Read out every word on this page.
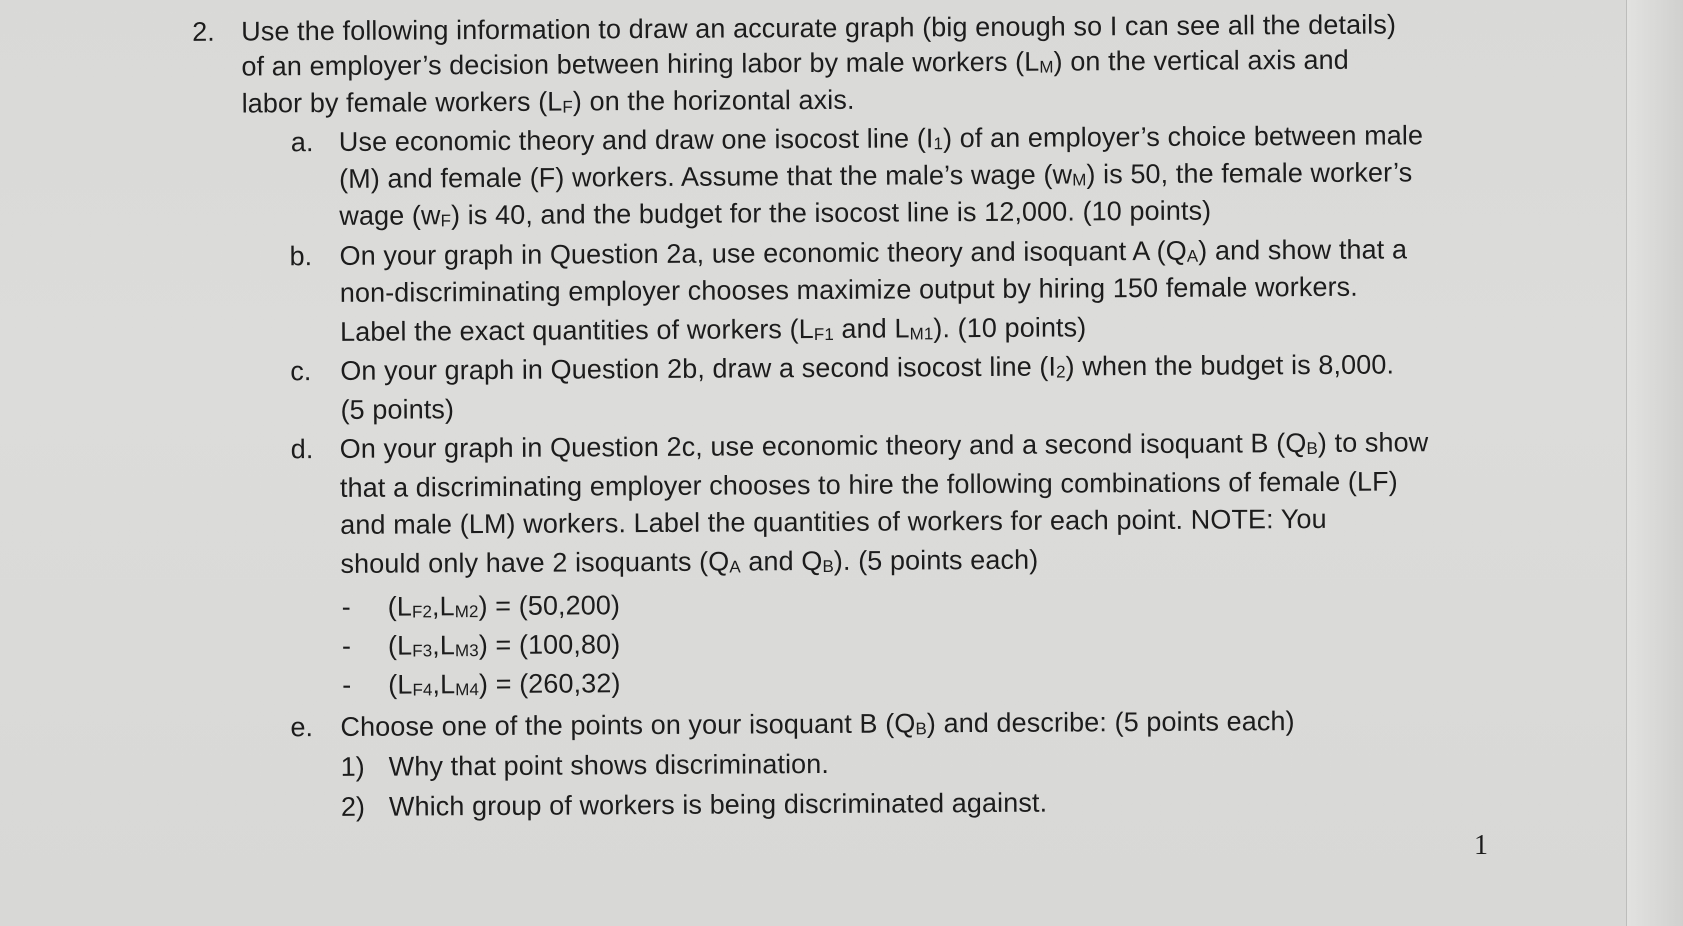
2. Use the following information to draw an accurate graph (big enough so I can see all the details)
of an employer’s decision between hiring labor by male workers $(L_M)$ on the vertical axis and
labor by female workers $(L_F)$ on the horizontal axis.
a. Use economic theory and draw one isocost line $(I_1)$ of an employer’s choice between male
(M) and female (F) workers. Assume that the male’s wage $(w_M)$ is 50, the female worker’s
wage $(w_F)$ is 40, and the budget for the isocost line is 12,000. (10 points)
b. On your graph in Question 2a, use economic theory and isoquant A $(Q_A)$ and show that a
non-discriminating employer chooses maximize output by hiring 150 female workers.
Label the exact quantities of workers ($L_{F1}$ and $L_{M1}$). (10 points)
c. On your graph in Question 2b, draw a second isocost line $(I_2)$ when the budget is 8,000.
(5 points)
d. On your graph in Question 2c, use economic theory and a second isoquant B $(Q_B)$ to show
that a discriminating employer chooses to hire the following combinations of female (LF)
and male (LM) workers. Label the quantities of workers for each point. NOTE: You
should only have 2 isoquants ($Q_A$ and $Q_B$). (5 points each)
- $(L_{F2},L_{M2}) = (50,200)$
- $(L_{F3},L_{M3}) = (100,80)$
- $(L_{F4},L_{M4}) = (260,32)$
e. Choose one of the points on your isoquant B $(Q_B)$ and describe: (5 points each)
1) Why that point shows discrimination.
2) Which group of workers is being discriminated against.
1
